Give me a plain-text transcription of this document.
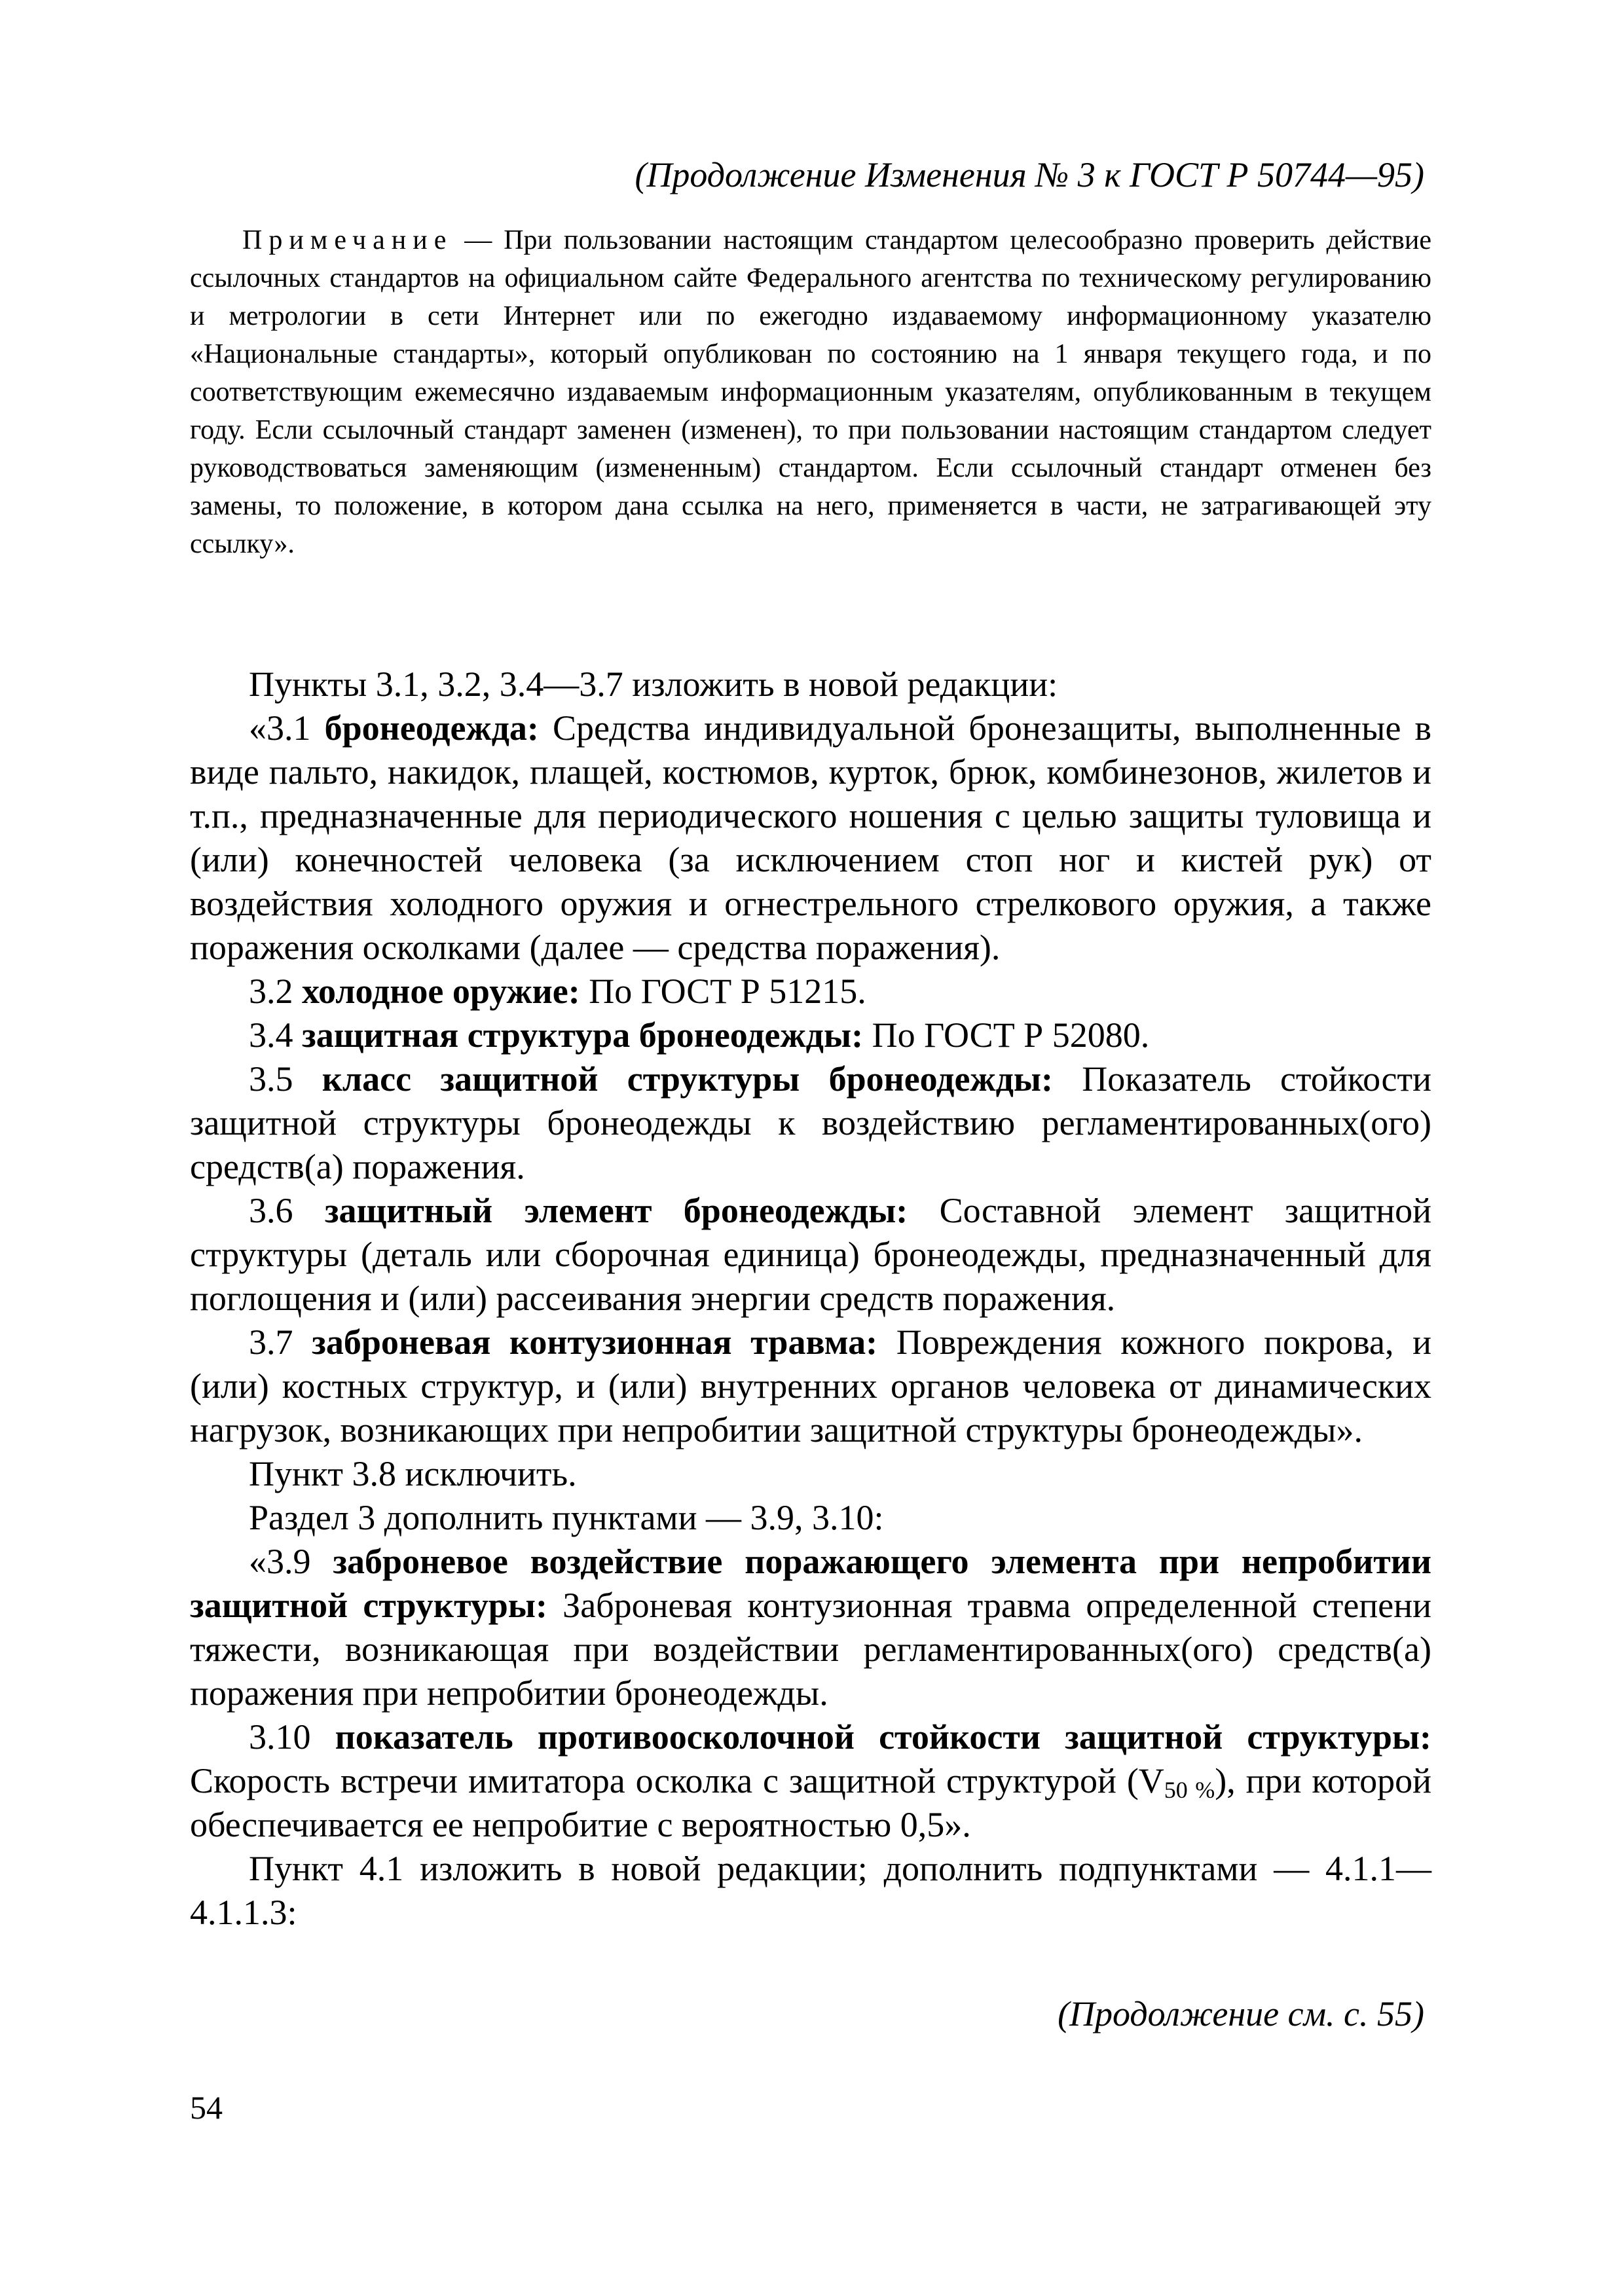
(Продолжение Изменения № 3 к ГОСТ Р 50744—95)

Примечание — При пользовании настоящим стандартом целесообразно проверить действие ссылочных стандартов на официальном сайте Федерального агентства по техническому регулированию и метрологии в сети Интернет или по ежегодно издаваемому информационному указателю «Национальные стандарты», который опубликован по состоянию на 1 января текущего года, и по соответствующим ежемесячно издаваемым информационным указателям, опубликованным в текущем году. Если ссылочный стандарт заменен (изменен), то при пользовании настоящим стандартом следует руководствоваться заменяющим (измененным) стандартом. Если ссылочный стандарт отменен без замены, то положение, в котором дана ссылка на него, применяется в части, не затрагивающей эту ссылку».

Пункты 3.1, 3.2, 3.4—3.7 изложить в новой редакции:

«3.1 бронеодежда: Средства индивидуальной бронезащиты, выполненные в виде пальто, накидок, плащей, костюмов, курток, брюк, комбинезонов, жилетов и т.п., предназначенные для периодического ношения с целью защиты туловища и (или) конечностей человека (за исключением стоп ног и кистей рук) от воздействия холодного оружия и огнестрельного стрелкового оружия, а также поражения осколками (далее — средства поражения).

3.2 холодное оружие: По ГОСТ Р 51215.

3.4 защитная структура бронеодежды: По ГОСТ Р 52080.

3.5 класс защитной структуры бронеодежды: Показатель стойкости защитной структуры бронеодежды к воздействию регламентированных(ого) средств(а) поражения.

3.6 защитный элемент бронеодежды: Составной элемент защитной структуры (деталь или сборочная единица) бронеодежды, предназначенный для поглощения и (или) рассеивания энергии средств поражения.

3.7 заброневая контузионная травма: Повреждения кожного покрова, и (или) костных структур, и (или) внутренних органов человека от динамических нагрузок, возникающих при непробитии защитной структуры бронеодежды».

Пункт 3.8 исключить.

Раздел 3 дополнить пунктами — 3.9, 3.10:

«3.9 заброневое воздействие поражающего элемента при непробитии защитной структуры: Заброневая контузионная травма определенной степени тяжести, возникающая при воздействии регламентированных(ого) средств(а) поражения при непробитии бронеодежды.

3.10 показатель противоосколочной стойкости защитной структуры: Скорость встречи имитатора осколка с защитной структурой $(V_{50 \%})$, при которой обеспечивается ее непробитие с вероятностью 0,5».

Пункт 4.1 изложить в новой редакции; дополнить подпунктами — 4.1.1—4.1.1.3:

(Продолжение см. с. 55)
54
